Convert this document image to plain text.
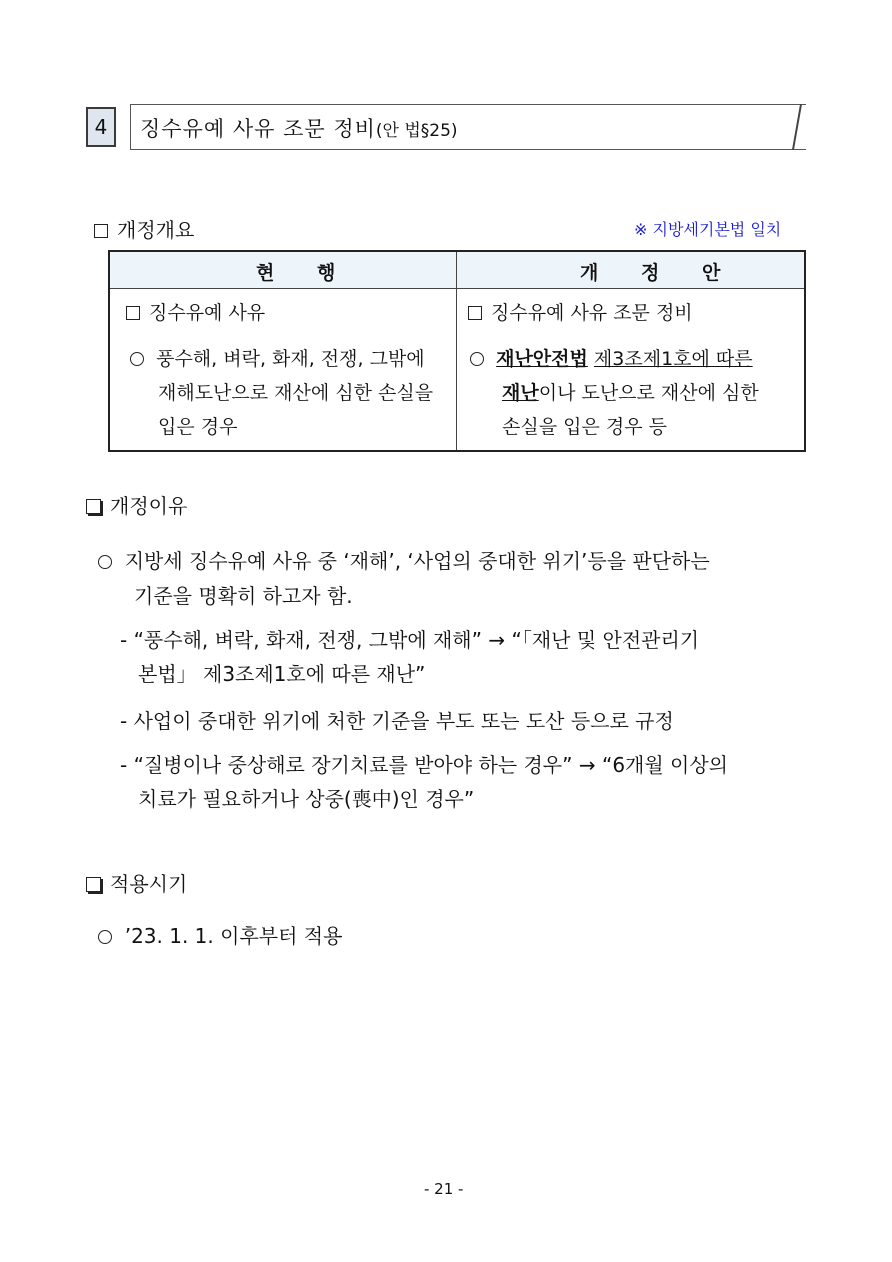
4 징수유예 사유 조문 정비(안 법§25)
개정개요	※ 지방세기본법 일치
현 행	개 정 안
징수유예 사유
풍수해, 벼락, 화재, 전쟁, 그밖에
재해도난으로 재산에 심한 손실을
입은 경우
징수유예 사유 조문 정비
재난안전법 제3조제1호에 따른
재난이나 도난으로 재산에 심한
손실을 입은 경우 등
개정이유
지방세 징수유예 사유 중 ‘재해’, ‘사업의 중대한 위기’등을 판단하는
기준을 명확히 하고자 함.
- “풍수해, 벼락, 화재, 전쟁, 그밖에 재해” → “「재난 및 안전관리기
본법」 제3조제1호에 따른 재난”
- 사업이 중대한 위기에 처한 기준을 부도 또는 도산 등으로 규정
- “질병이나 중상해로 장기치료를 받아야 하는 경우” → “6개월 이상의
치료가 필요하거나 상중(喪中)인 경우”
적용시기
’23. 1. 1. 이후부터 적용
- 21 -
